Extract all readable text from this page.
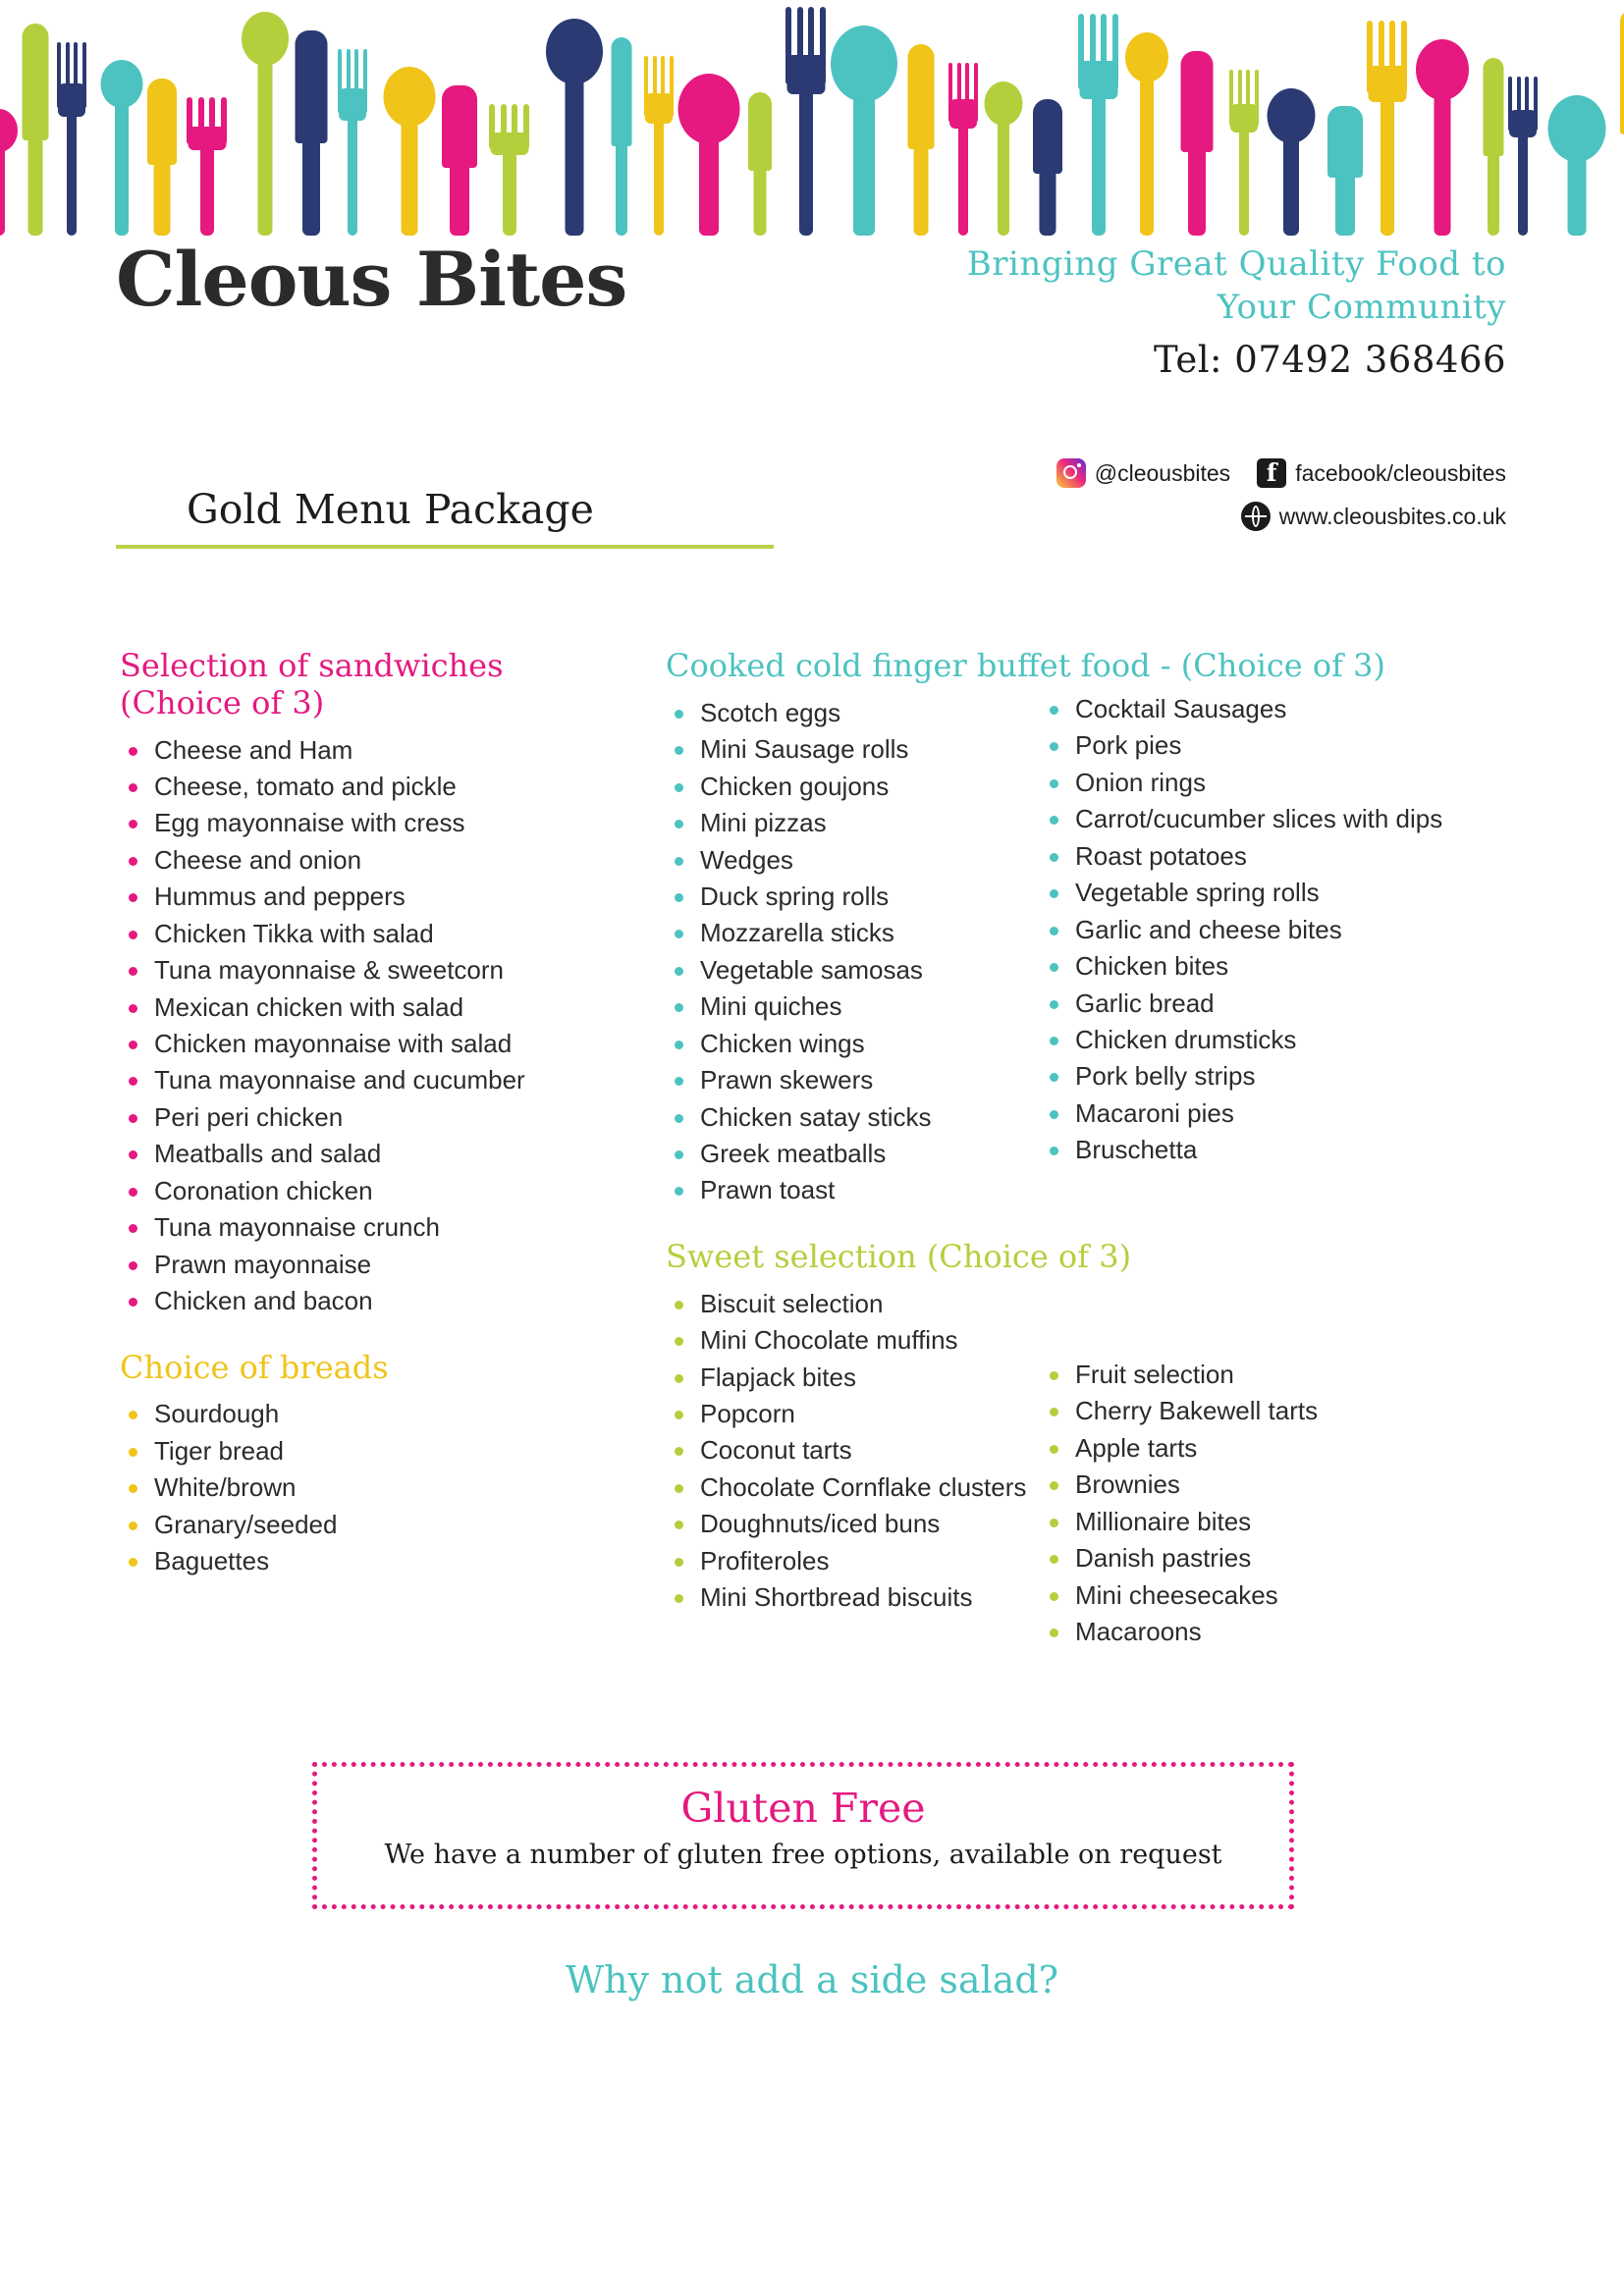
Cleous Bites	Bringing Great Quality Food to Your Community
Tel: 07492 368466
Gold Menu Package
@cleousbites	f facebook/cleousbites
www.cleousbites.co.uk
Selection of sandwiches (Choice of 3)
Cheese and Ham
Cheese, tomato and pickle
Egg mayonnaise with cress
Cheese and onion
Hummus and peppers
Chicken Tikka with salad
Tuna mayonnaise & sweetcorn
Mexican chicken with salad
Chicken mayonnaise with salad
Tuna mayonnaise and cucumber
Peri peri chicken
Meatballs and salad
Coronation chicken
Tuna mayonnaise crunch
Prawn mayonnaise
Chicken and bacon
Choice of breads
Sourdough
Tiger bread
White/brown
Granary/seeded
Baguettes
Cooked cold finger buffet food - (Choice of 3)
Scotch eggs
Mini Sausage rolls
Chicken goujons
Mini pizzas
Wedges
Duck spring rolls
Mozzarella sticks
Vegetable samosas
Mini quiches
Chicken wings
Prawn skewers
Chicken satay sticks
Greek meatballs
Prawn toast
Sweet selection (Choice of 3)
Biscuit selection
Mini Chocolate muffins
Flapjack bites
Popcorn
Coconut tarts
Chocolate Cornflake clusters
Doughnuts/iced buns
Profiteroles
Mini Shortbread biscuits
Cocktail Sausages
Pork pies
Onion rings
Carrot/cucumber slices with dips
Roast potatoes
Vegetable spring rolls
Garlic and cheese bites
Chicken bites
Garlic bread
Chicken drumsticks
Pork belly strips
Macaroni pies
Bruschetta
Fruit selection
Cherry Bakewell tarts
Apple tarts
Brownies
Millionaire bites
Danish pastries
Mini cheesecakes
Macaroons
Gluten Free
We have a number of gluten free options, available on request
Why not add a side salad?
